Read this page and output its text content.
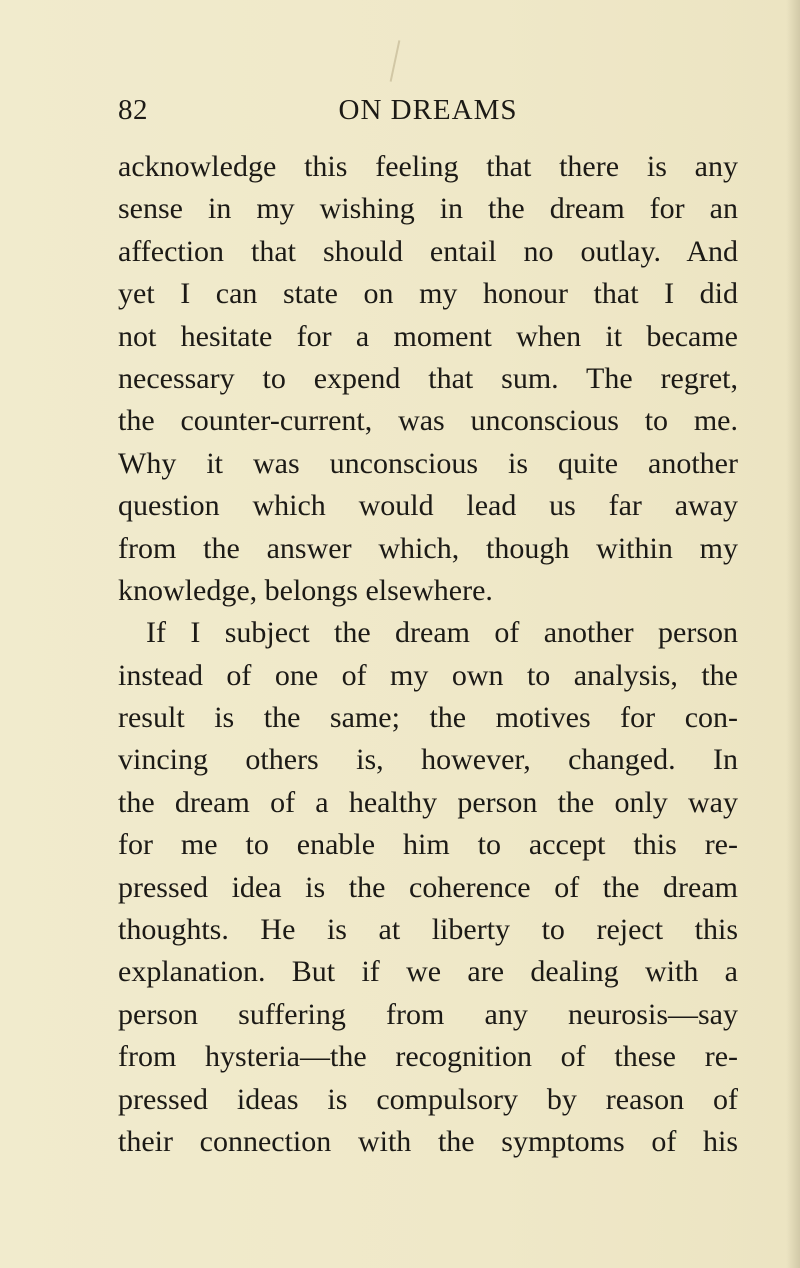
82	ON DREAMS
acknowledge this feeling that there is any
sense in my wishing in the dream for an
affection that should entail no outlay. And
yet I can state on my honour that I did
not hesitate for a moment when it became
necessary to expend that sum. The regret,
the counter-current, was unconscious to me.
Why it was unconscious is quite another
question which would lead us far away
from the answer which, though within my
knowledge, belongs elsewhere.
If I subject the dream of another person
instead of one of my own to analysis, the
result is the same; the motives for con-
vincing others is, however, changed. In
the dream of a healthy person the only way
for me to enable him to accept this re-
pressed idea is the coherence of the dream
thoughts. He is at liberty to reject this
explanation. But if we are dealing with a
person suffering from any neurosis—say
from hysteria—the recognition of these re-
pressed ideas is compulsory by reason of
their connection with the symptoms of his
